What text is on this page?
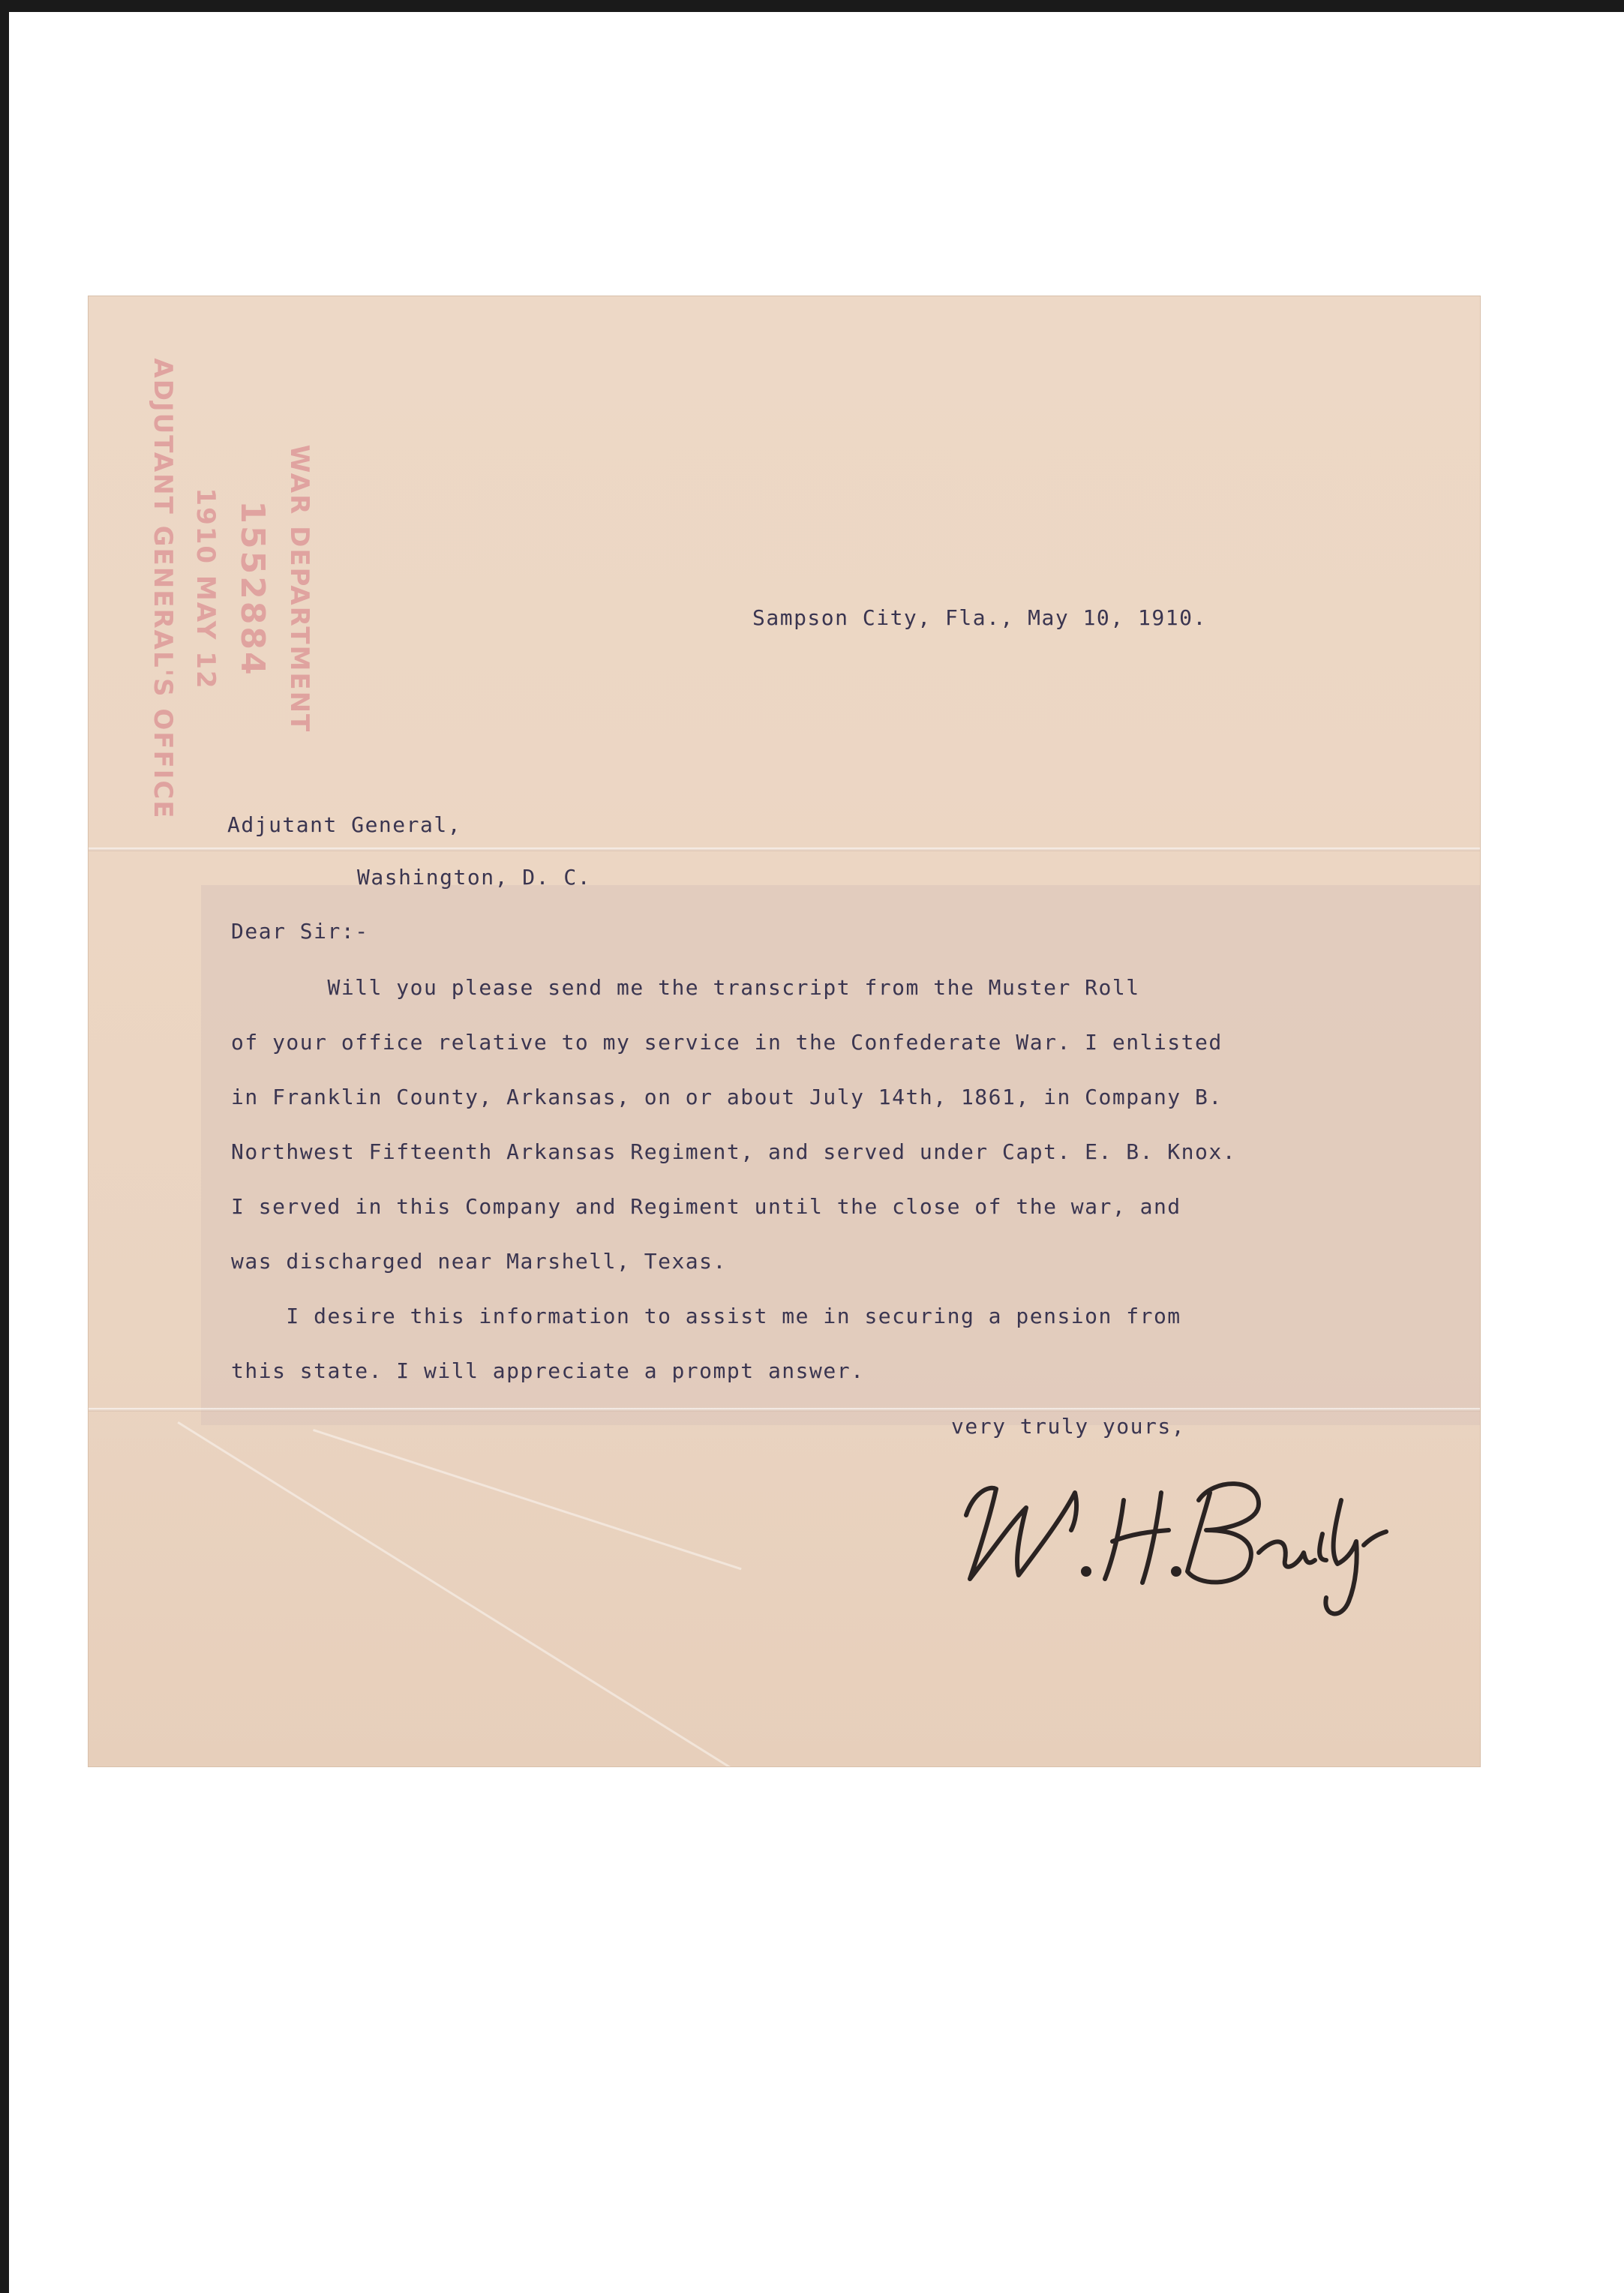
WAR DEPARTMENT
1552884
1910 MAY 12
ADJUTANT GENERAL'S OFFICE	Sampson City, Fla., May 10, 1910.
Adjutant General,
Washington, D. C.
Dear Sir:-
Will you please send me the transcript from the Muster Roll
of your office relative to my service in the Confederate War. I enlisted
in Franklin County, Arkansas, on or about July 14th, 1861, in Company B.
Northwest Fifteenth Arkansas Regiment, and served under Capt. E. B. Knox.
I served in this Company and Regiment until the close of the war, and
was discharged near Marshell, Texas.
I desire this information to assist me in securing a pension from
this state. I will appreciate a prompt answer.
very truly yours,
